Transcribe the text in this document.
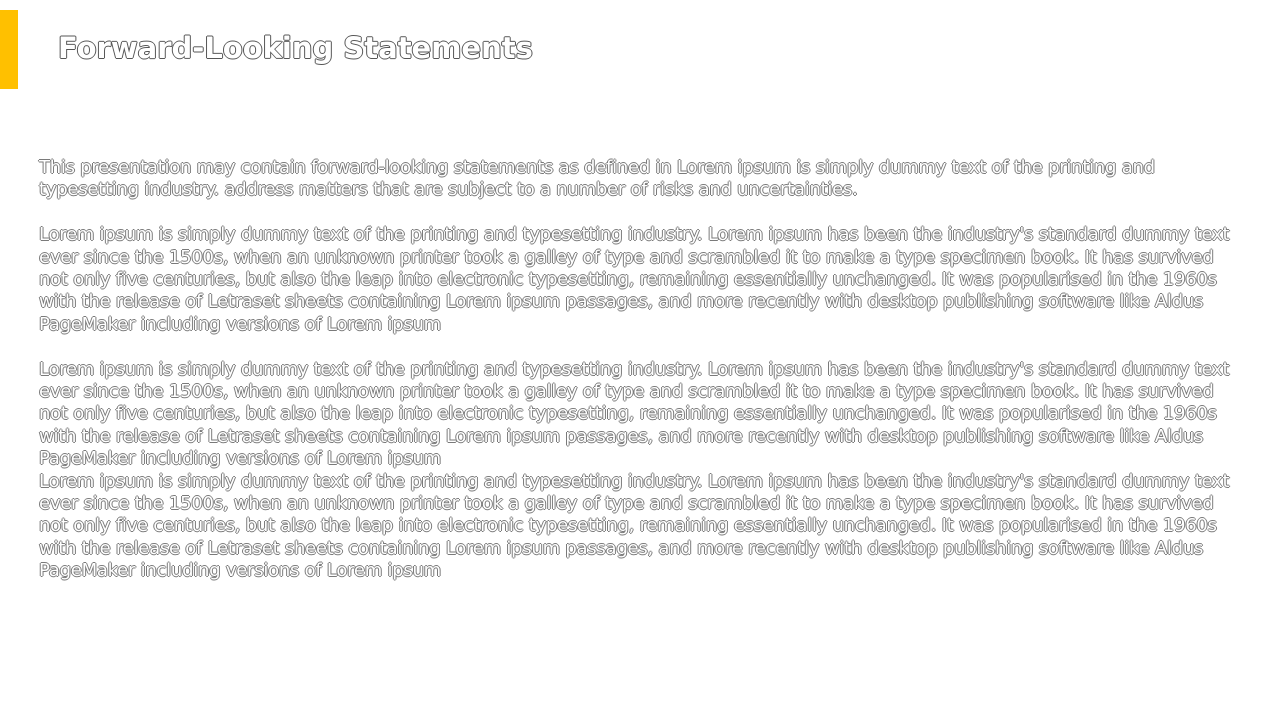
Forward-Looking Statements

This presentation may contain forward-looking statements as defined in Lorem ipsum is simply dummy text of the printing and typesetting industry. address matters that are subject to a number of risks and uncertainties.

Lorem ipsum is simply dummy text of the printing and typesetting industry. Lorem ipsum has been the industry's standard dummy text ever since the 1500s, when an unknown printer took a galley of type and scrambled it to make a type specimen book. It has survived not only five centuries, but also the leap into electronic typesetting, remaining essentially unchanged. It was popularised in the 1960s with the release of Letraset sheets containing Lorem ipsum passages, and more recently with desktop publishing software like Aldus PageMaker including versions of Lorem ipsum

Lorem ipsum is simply dummy text of the printing and typesetting industry. Lorem ipsum has been the industry's standard dummy text ever since the 1500s, when an unknown printer took a galley of type and scrambled it to make a type specimen book. It has survived not only five centuries, but also the leap into electronic typesetting, remaining essentially unchanged. It was popularised in the 1960s with the release of Letraset sheets containing Lorem ipsum passages, and more recently with desktop publishing software like Aldus PageMaker including versions of Lorem ipsum

Lorem ipsum is simply dummy text of the printing and typesetting industry. Lorem ipsum has been the industry's standard dummy text ever since the 1500s, when an unknown printer took a galley of type and scrambled it to make a type specimen book. It has survived not only five centuries, but also the leap into electronic typesetting, remaining essentially unchanged. It was popularised in the 1960s with the release of Letraset sheets containing Lorem ipsum passages, and more recently with desktop publishing software like Aldus PageMaker including versions of Lorem ipsum
